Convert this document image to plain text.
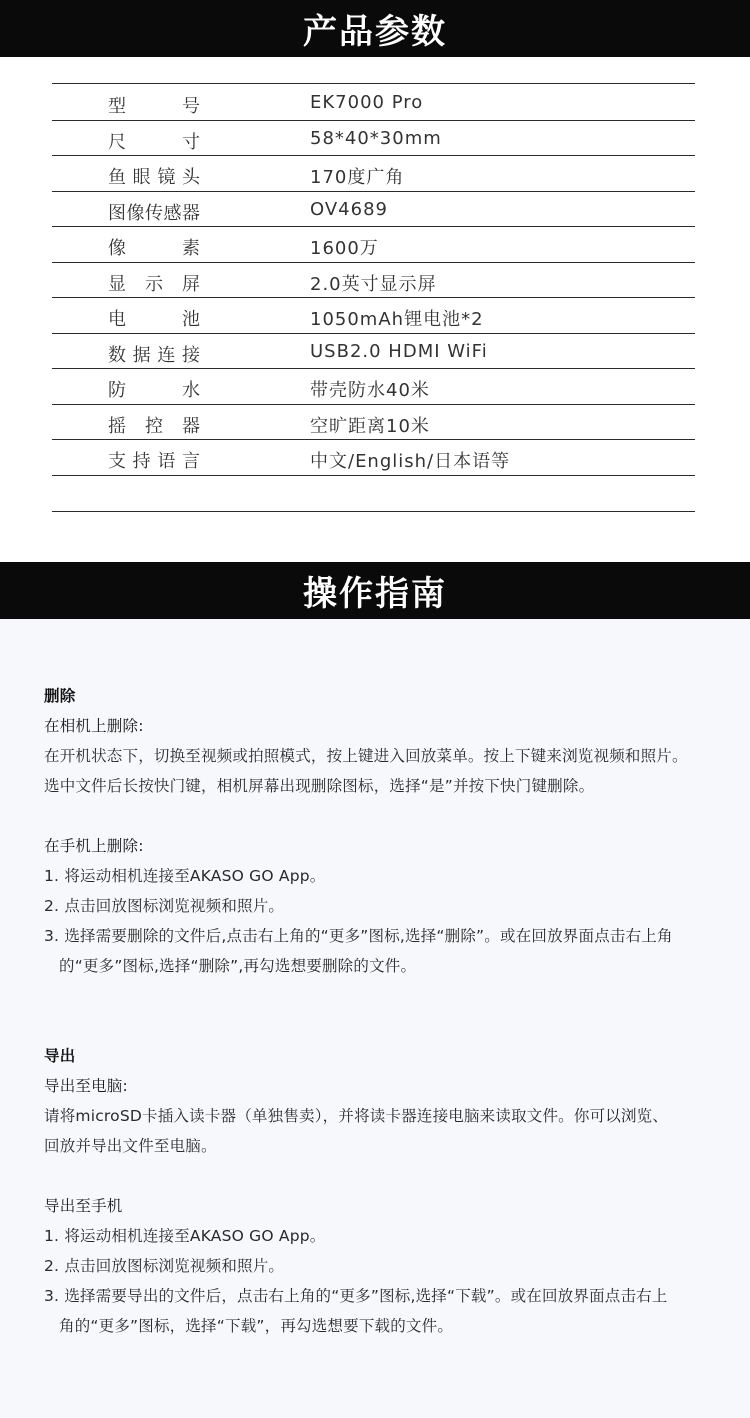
产品参数
型	号	EK7000 Pro
尺	寸	58*40*30mm
鱼 眼 镜 头	170度广角
图 像 传 感 器	OV4689
像	素	1600万
显 示 屏	2.0英寸显示屏
电	池	1050mAh锂电池*2
数 据 连 接	USB2.0 HDMI WiFi
防	水	带壳防水40米
摇 控 器	空旷距离10米
支 持 语 言	中文/English/日本语等
操作指南
删除
在相机上删除:
在开机状态下，切换至视频或拍照模式，按上键进入回放菜单。按上下键来浏览视频和照片。
选中文件后长按快门键，相机屏幕出现删除图标，选择“是”并按下快门键删除。
在手机上删除:
1. 将运动相机连接至AKASO GO App。
2. 点击回放图标浏览视频和照片。
3. 选择需要删除的文件后,点击右上角的“更多”图标,选择“删除”。或在回放界面点击右上角
的“更多”图标,选择“删除”,再勾选想要删除的文件。
导出
导出至电脑:
请将microSD卡插入读卡器（单独售卖），并将读卡器连接电脑来读取文件。你可以浏览、
回放并导出文件至电脑。
导出至手机
1. 将运动相机连接至AKASO GO App。
2. 点击回放图标浏览视频和照片。
3. 选择需要导出的文件后，点击右上角的“更多”图标,选择“下载”。或在回放界面点击右上
角的“更多”图标，选择“下载”，再勾选想要下载的文件。
